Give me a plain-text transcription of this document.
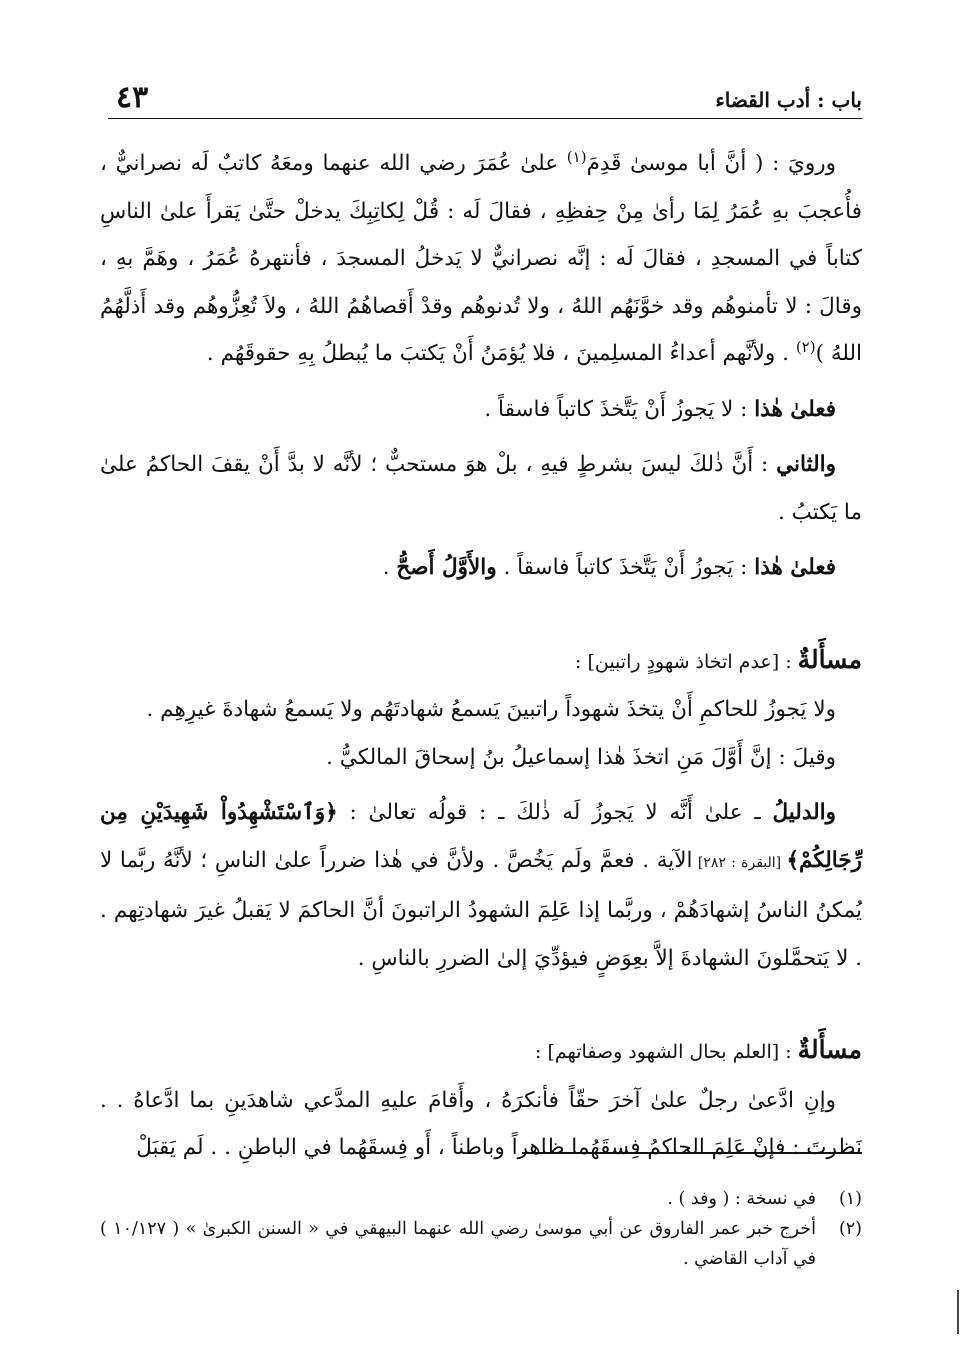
باب : أدب القضاء
٤٣

ورويَ : ( أنَّ أبا موسىٰ قَدِمَ$^{(١)}$ علىٰ عُمَرَ رضي الله عنهما ومعَهُ كاتبٌ لَه نصرانيٌّ ، فأُعجبَ بهِ عُمَرُ لِمَا رأىٰ مِنْ حِفظِهِ ، فقالَ لَه : قُلْ لِكاتِبِكَ يدخلْ حتَّىٰ يَقرأَ علىٰ الناسِ كتاباً في المسجدِ ، فقالَ لَه : إنَّه نصرانيٌّ لا يَدخلُ المسجدَ ، فأنتهرهُ عُمَرُ ، وهَمَّ بهِ ، وقالَ : لا تأمنوهُم وقد خوَّنَهُم اللهُ ، ولا تُدنوهُم وقدْ أَقصاهُمُ اللهُ ، ولاَ تُعِزُّوهُم وقد أَذلَّهُمُ اللهُ )$^{(٢)}$ . ولأنَّهم أعداءُ المسلِمينَ ، فلا يُؤمَنُ أَنْ يَكتبَ ما يُبطلُ بِهِ حقوقَهُم .

فعلىٰ هٰذا : لا يَجوزُ أَنْ يَتَّخذَ كاتباً فاسقاً .

والثاني : أَنَّ ذٰلكَ ليسَ بشرطٍ فيهِ ، بلْ هوَ مستحبٌّ ؛ لأنَّه لا بدَّ أَنْ يقفَ الحاكمُ علىٰ ما يَكتبُ .

فعلىٰ هٰذا : يَجوزُ أَنْ يَتَّخذَ كاتباً فاسقاً . والأَوَّلُ أَصحُّ .

مسأَلةٌ : [عدم اتخاذ شهودٍ راتبين] :

ولا يَجوزُ للحاكمِ أَنْ يتخذَ شهوداً راتبينَ يَسمعُ شهادتَهُم ولا يَسمعُ شهادةَ غيرِهِم .

وقيلَ : إنَّ أَوَّلَ مَنِ اتخذَ هٰذا إسماعيلُ بنُ إسحاقَ المالكيُّ .

والدليلُ ـ علىٰ أَنَّه لا يَجوزُ لَه ذٰلكَ ـ : قولُه تعالىٰ : ﴿وَٱسْتَشْهِدُواْ شَهِيدَيْنِ مِن رِّجَالِكُمْ﴾ [البقرة : ٢٨٢] الآية . فعمَّ ولَم يَخُصَّ . ولأنَّ في هٰذا ضرراً علىٰ الناسِ ؛ لأنَّهُ ربَّما لا يُمكنُ الناسُ إشهادَهُمْ ، وربَّما إذا عَلِمَ الشهودُ الراتبونَ أنَّ الحاكمَ لا يَقبلُ غيرَ شهادتِهم . . لا يَتحمَّلونَ الشهادةَ إلاَّ بعِوَضٍ فيؤدِّيَ إلىٰ الضررِ بالناسِ .

مسأَلةٌ : [العلم بحال الشهود وصفاتهم] :

وإنِ ادَّعىٰ رجلٌ علىٰ آخرَ حقّاً فأنكرَهُ ، وأَقامَ عليهِ المدَّعي شاهدَينِ بما ادَّعاهُ . . نَظرتَ : فإنْ عَلِمَ الحاكمُ فِسقَهُما ظاهراً وباطناً ، أَو فِسقَهُما في الباطنِ . . لَم يَقبَلْ

(١)
في نسخة : ( وفد ) .
(٢)
أخرج خبر عمر الفاروق عن أبي موسىٰ رضي الله عنهما البيهقي في « السنن الكبرىٰ » ( ١٠/١٢٧ ) في آداب القاضي .
